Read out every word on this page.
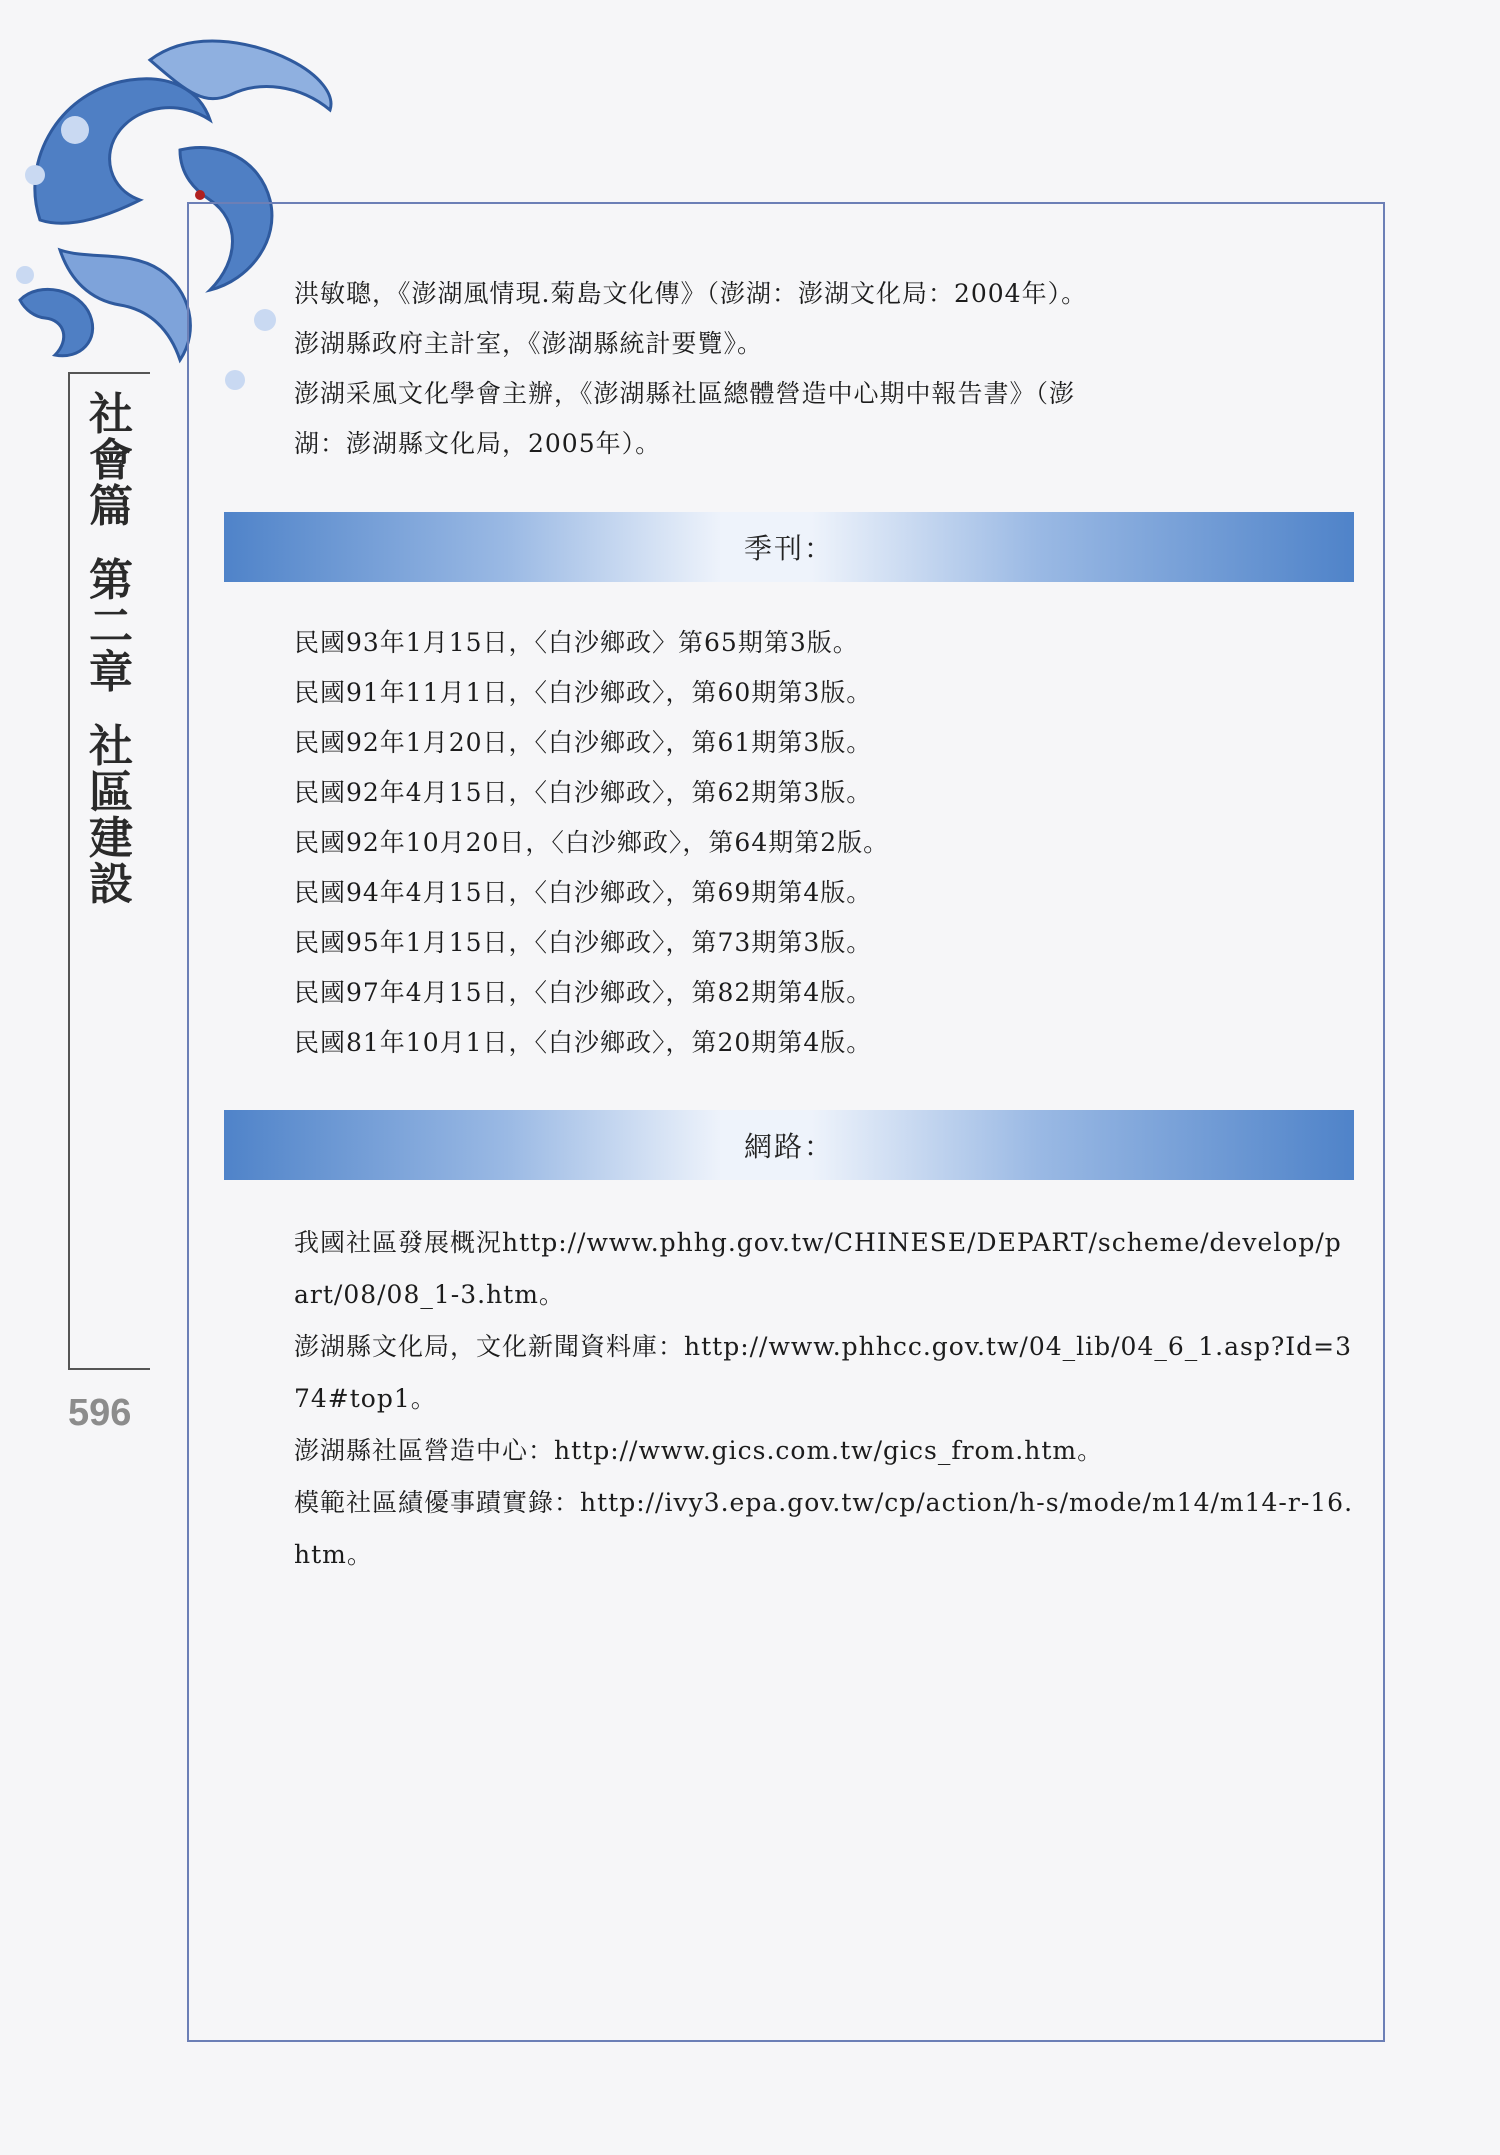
社
會
篇
第
二
章
社
區
建
設
596
洪敏聰，《澎湖風情現.菊島文化傳》（澎湖：澎湖文化局：2004年）。
澎湖縣政府主計室，《澎湖縣統計要覽》。
澎湖采風文化學會主辦，《澎湖縣社區總體營造中心期中報告書》（澎
湖：澎湖縣文化局，2005年）。
季刊：
民國93年1月15日，〈白沙鄉政〉第65期第3版。
民國91年11月1日，〈白沙鄉政〉，第60期第3版。
民國92年1月20日，〈白沙鄉政〉，第61期第3版。
民國92年4月15日，〈白沙鄉政〉，第62期第3版。
民國92年10月20日，〈白沙鄉政〉，第64期第2版。
民國94年4月15日，〈白沙鄉政〉，第69期第4版。
民國95年1月15日，〈白沙鄉政〉，第73期第3版。
民國97年4月15日，〈白沙鄉政〉，第82期第4版。
民國81年10月1日，〈白沙鄉政〉，第20期第4版。
網路：
我國社區發展概況http://www.phhg.gov.tw/CHINESE/DEPART/scheme/develop/part/08/08_1-3.htm。
澎湖縣文化局，文化新聞資料庫：http://www.phhcc.gov.tw/04_lib/04_6_1.asp?Id=374#top1。
澎湖縣社區營造中心：http://www.gics.com.tw/gics_from.htm。
模範社區績優事蹟實錄：http://ivy3.epa.gov.tw/cp/action/h-s/mode/m14/m14-r-16.htm。
